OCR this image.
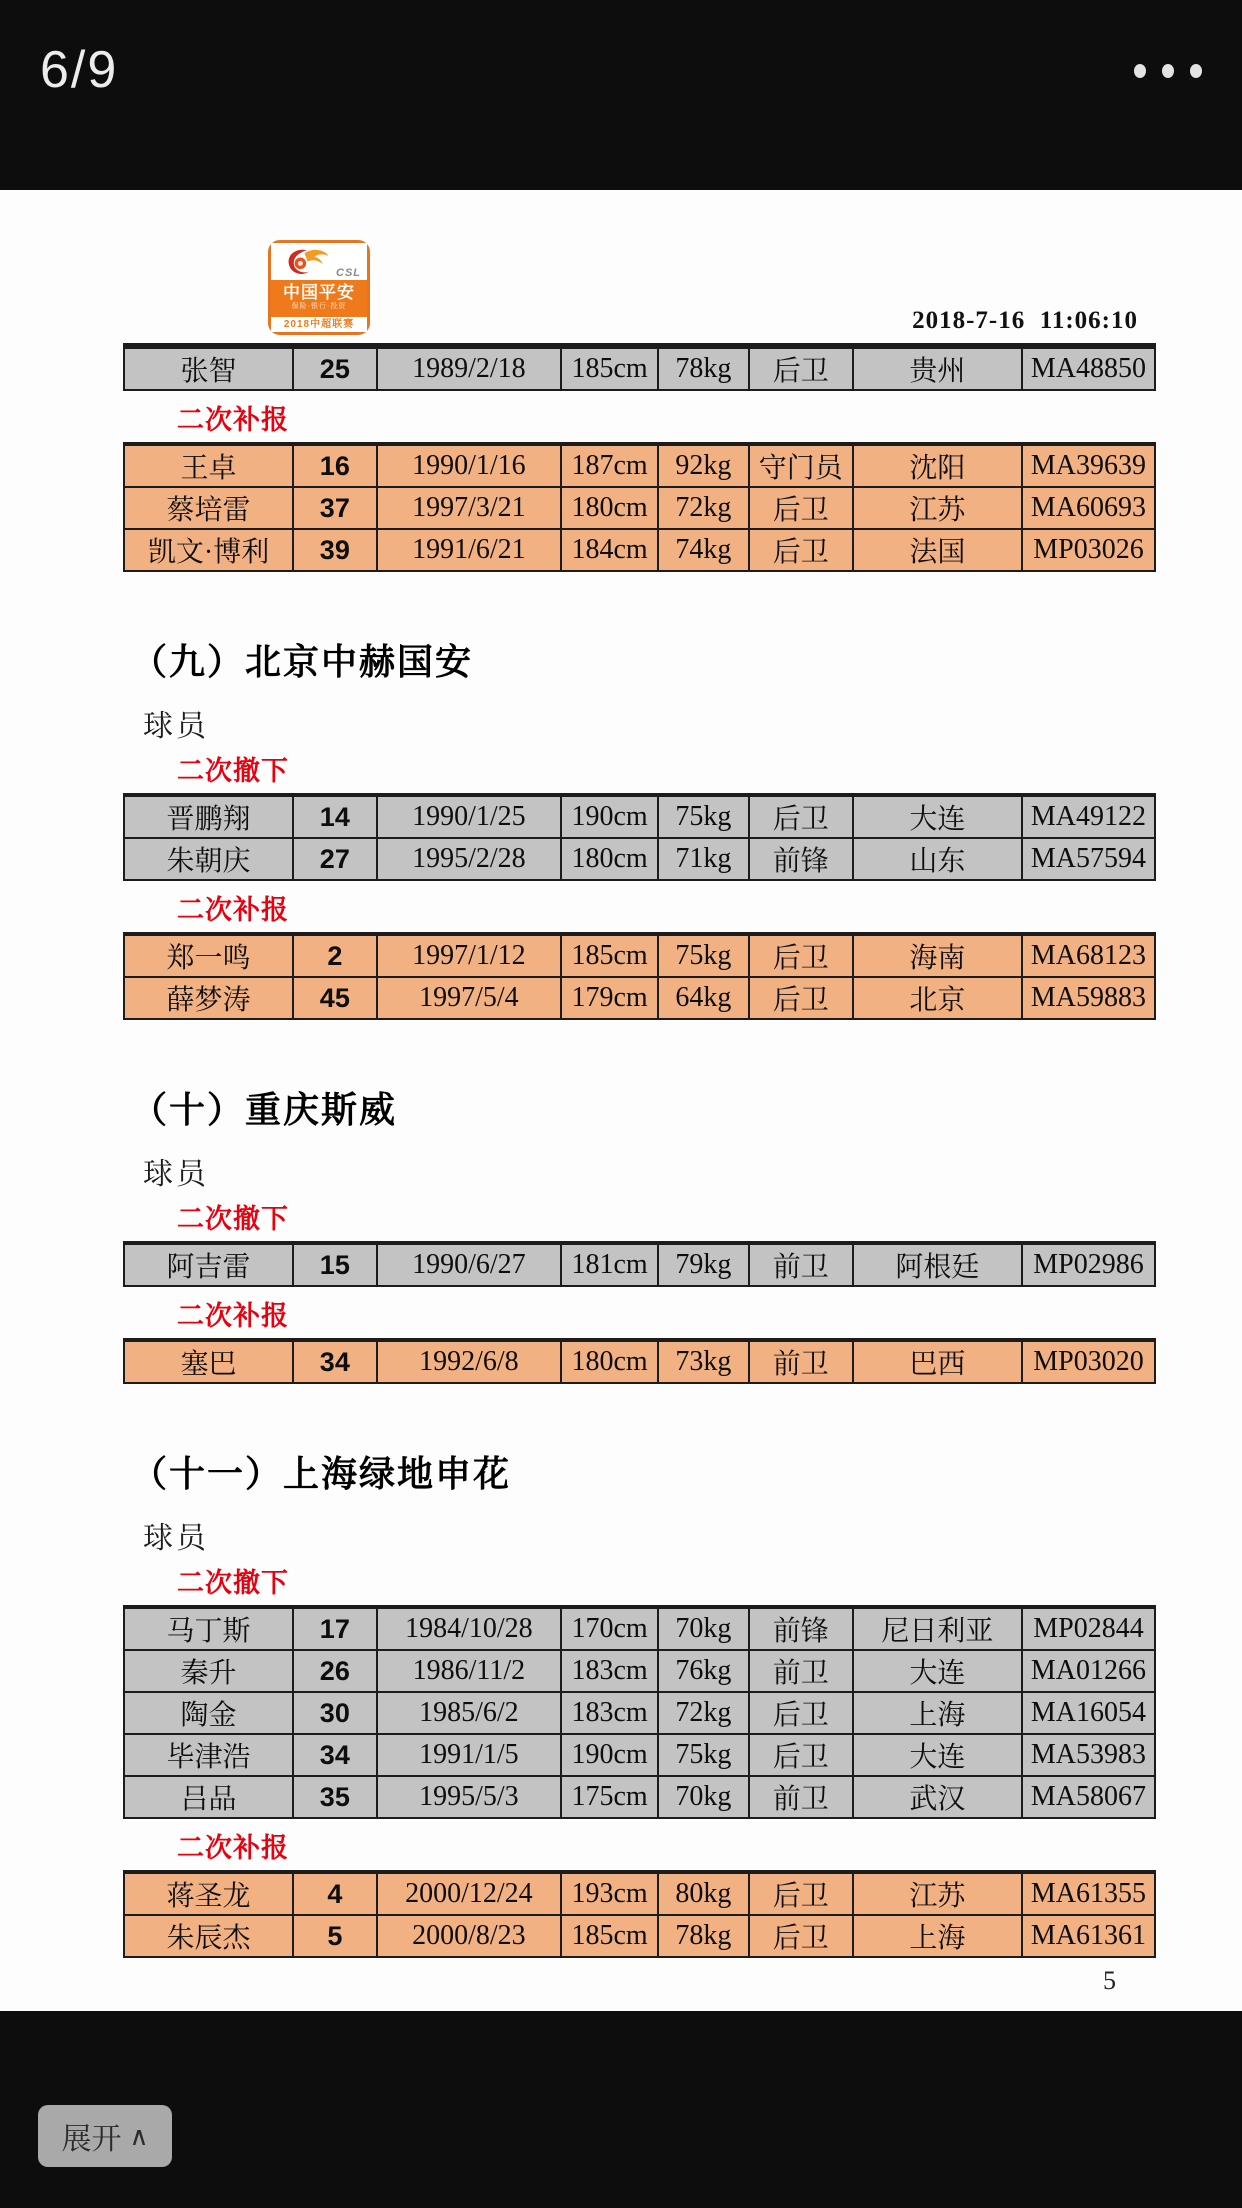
6/9
CSL
中国平安
保险·银行·投资
2018中超联赛	2018-7-16  11:06:10
张智	25	1989/2/18	185cm	78kg	后卫	贵州	MA48850
二次补报
王卓	16	1990/1/16	187cm	92kg	守门员	沈阳	MA39639
蔡培雷	37	1997/3/21	180cm	72kg	后卫	江苏	MA60693
凯文·博利	39	1991/6/21	184cm	74kg	后卫	法国	MP03026
（九）北京中赫国安
球员
二次撤下
晋鹏翔	14	1990/1/25	190cm	75kg	后卫	大连	MA49122
朱朝庆	27	1995/2/28	180cm	71kg	前锋	山东	MA57594
二次补报
郑一鸣	2	1997/1/12	185cm	75kg	后卫	海南	MA68123
薛梦涛	45	1997/5/4	179cm	64kg	后卫	北京	MA59883
（十）重庆斯威
球员
二次撤下
阿吉雷	15	1990/6/27	181cm	79kg	前卫	阿根廷	MP02986
二次补报
塞巴	34	1992/6/8	180cm	73kg	前卫	巴西	MP03020
（十一）上海绿地申花
球员
二次撤下
马丁斯	17	1984/10/28	170cm	70kg	前锋	尼日利亚	MP02844
秦升	26	1986/11/2	183cm	76kg	前卫	大连	MA01266
陶金	30	1985/6/2	183cm	72kg	后卫	上海	MA16054
毕津浩	34	1991/1/5	190cm	75kg	后卫	大连	MA53983
吕品	35	1995/5/3	175cm	70kg	前卫	武汉	MA58067
二次补报
蒋圣龙	4	2000/12/24	193cm	80kg	后卫	江苏	MA61355
朱辰杰	5	2000/8/23	185cm	78kg	后卫	上海	MA61361
5
展开 ∧
